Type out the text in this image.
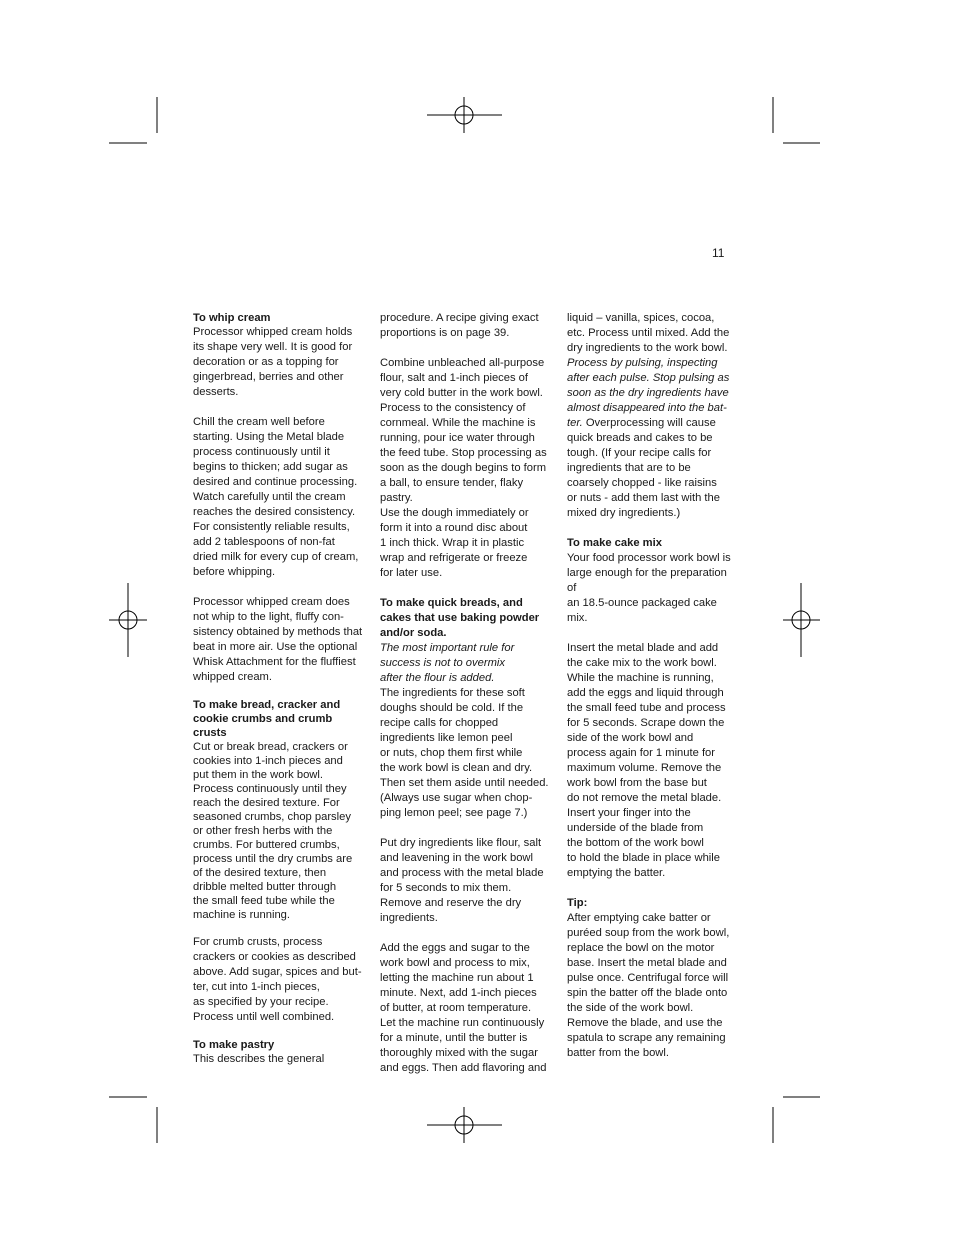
11
To whip cream

Processor whipped cream holds
its shape very well. It is good for
decoration or as a topping for
gingerbread, berries and other
desserts.

Chill the cream well before
starting. Using the Metal blade
process continuously until it
begins to thicken; add sugar as
desired and continue processing.
Watch carefully until the cream
reaches the desired consistency.
For consistently reliable results,
add 2 tablespoons of non-fat
dried milk for every cup of cream,
before whipping.

Processor whipped cream does
not whip to the light, fluffy con-
sistency obtained by methods that
beat in more air. Use the optional
Whisk Attachment for the fluffiest
whipped cream.

To make bread, cracker and
cookie crumbs and crumb crusts

Cut or break bread, crackers or
cookies into 1-inch pieces and
put them in the work bowl.
Process continuously until they
reach the desired texture. For
seasoned crumbs, chop parsley
or other fresh herbs with the
crumbs. For buttered crumbs,
process until the dry crumbs are
of the desired texture, then
dribble melted butter through
the small feed tube while the
machine is running.

For crumb crusts, process
crackers or cookies as described
above. Add sugar, spices and but-
ter, cut into 1-inch pieces,
as specified by your recipe.
Process until well combined.

To make pastry

This describes the general

procedure. A recipe giving exact
proportions is on page 39.

Combine unbleached all-purpose
flour, salt and 1-inch pieces of
very cold butter in the work bowl.
Process to the consistency of
cornmeal. While the machine is
running, pour ice water through
the feed tube. Stop processing as
soon as the dough begins to form
a ball, to ensure tender, flaky pastry.
Use the dough immediately or
form it into a round disc about
1 inch thick. Wrap it in plastic
wrap and refrigerate or freeze
for later use.

To make quick breads, and
cakes that use baking powder
and/or soda.

The most important rule for
success is not to overmix
after the flour is added.

The ingredients for these soft
doughs should be cold. If the
recipe calls for chopped
ingredients like lemon peel
or nuts, chop them first while
the work bowl is clean and dry.
Then set them aside until needed.
(Always use sugar when chop-
ping lemon peel; see page 7.)

Put dry ingredients like flour, salt
and leavening in the work bowl
and process with the metal blade
for 5 seconds to mix them.
Remove and reserve the dry
ingredients.

Add the eggs and sugar to the
work bowl and process to mix,
letting the machine run about 1
minute. Next, add 1-inch pieces
of butter, at room temperature.
Let the machine run continuously
for a minute, until the butter is
thoroughly mixed with the sugar
and eggs. Then add flavoring and

liquid – vanilla, spices, cocoa,
etc. Process until mixed. Add the
dry ingredients to the work bowl.

Process by pulsing, inspecting
after each pulse. Stop pulsing as
soon as the dry ingredients have
almost disappeared into the bat-
ter. Overprocessing will cause
quick breads and cakes to be
tough. (If your recipe calls for
ingredients that are to be
coarsely chopped - like raisins
or nuts - add them last with the
mixed dry ingredients.)

To make cake mix

Your food processor work bowl is
large enough for the preparation of
an 18.5-ounce packaged cake mix.

Insert the metal blade and add
the cake mix to the work bowl.
While the machine is running,
add the eggs and liquid through
the small feed tube and process
for 5 seconds. Scrape down the
side of the work bowl and
process again for 1 minute for
maximum volume. Remove the
work bowl from the base but
do not remove the metal blade.
Insert your finger into the
underside of the blade from
the bottom of the work bowl
to hold the blade in place while
emptying the batter.

Tip:

After emptying cake batter or
puréed soup from the work bowl,
replace the bowl on the motor
base. Insert the metal blade and
pulse once. Centrifugal force will
spin the batter off the blade onto
the side of the work bowl.
Remove the blade, and use the
spatula to scrape any remaining
batter from the bowl.
